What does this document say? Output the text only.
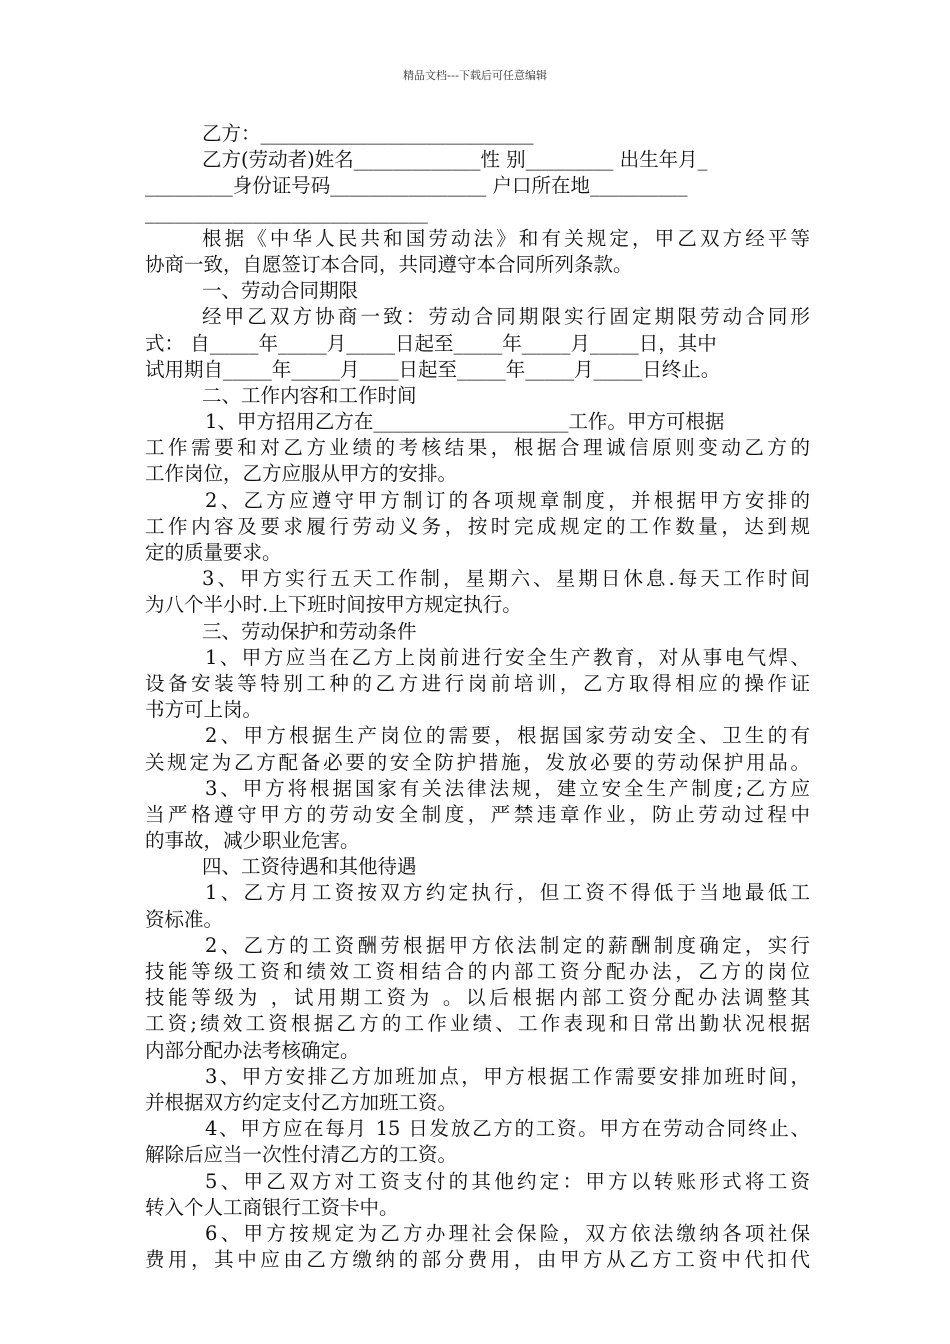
精品文档---下载后可任意编辑
乙方：____________________________
乙方(劳动者)姓名_____________性 别_________ 出生年月_
_________身份证号码________________ 户口所在地__________
_____________________________
根据《中华人民共和国劳动法》和有关规定，甲乙双方经平等
协商一致，自愿签订本合同，共同遵守本合同所列条款。
一、劳动合同期限
经甲乙双方协商一致：劳动合同期限实行固定期限劳动合同形
式： 自_____年_____月_____日起至_____年_____月_____日，其中
试用期自_____年_____月____日起至_____年_____月_____日终止。
二、工作内容和工作时间
1、甲方招用乙方在____________________工作。甲方可根据
工作需要和对乙方业绩的考核结果，根据合理诚信原则变动乙方的
工作岗位，乙方应服从甲方的安排。
2、乙方应遵守甲方制订的各项规章制度，并根据甲方安排的
工作内容及要求履行劳动义务，按时完成规定的工作数量，达到规
定的质量要求。
3、甲方实行五天工作制，星期六、星期日休息.每天工作时间
为八个半小时.上下班时间按甲方规定执行。
三、劳动保护和劳动条件
1、甲方应当在乙方上岗前进行安全生产教育，对从事电气焊、
设备安装等特别工种的乙方进行岗前培训，乙方取得相应的操作证
书方可上岗。
2、甲方根据生产岗位的需要，根据国家劳动安全、卫生的有
关规定为乙方配备必要的安全防护措施，发放必要的劳动保护用品。
3、甲方将根据国家有关法律法规，建立安全生产制度;乙方应
当严格遵守甲方的劳动安全制度，严禁违章作业，防止劳动过程中
的事故，减少职业危害。
四、工资待遇和其他待遇
1、乙方月工资按双方约定执行，但工资不得低于当地最低工
资标准。
2、乙方的工资酬劳根据甲方依法制定的薪酬制度确定，实行
技能等级工资和绩效工资相结合的内部工资分配办法，乙方的岗位
技能等级为 ，试用期工资为 。以后根据内部工资分配办法调整其
工资;绩效工资根据乙方的工作业绩、工作表现和日常出勤状况根据
内部分配办法考核确定。
3、甲方安排乙方加班加点，甲方根据工作需要安排加班时间，
并根据双方约定支付乙方加班工资。
4、甲方应在每月 15 日发放乙方的工资。甲方在劳动合同终止、
解除后应当一次性付清乙方的工资。
5、甲乙双方对工资支付的其他约定：甲方以转账形式将工资
转入个人工商银行工资卡中。
6、甲方按规定为乙方办理社会保险，双方依法缴纳各项社保
费用，其中应由乙方缴纳的部分费用，由甲方从乙方工资中代扣代
